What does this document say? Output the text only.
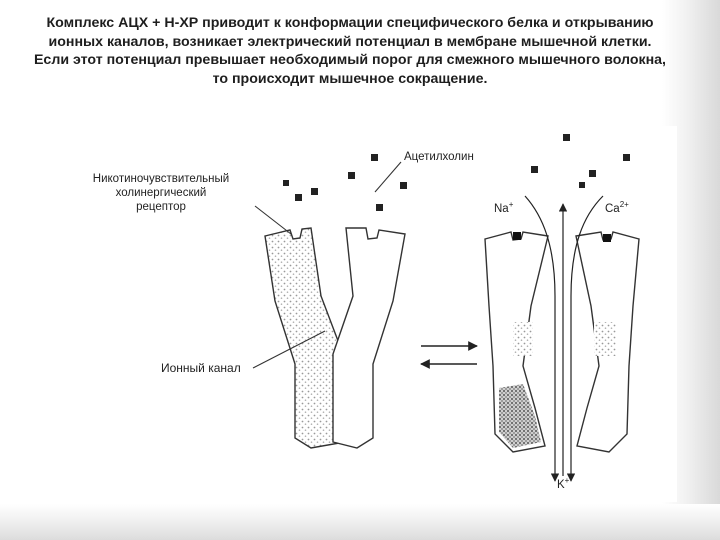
Комплекс АЦХ + Н-ХР приводит к конформации специфического белка и открыванию ионных каналов, возникает электрический потенциал в мембране мышечной клетки. Если этот потенциал превышает необходимый порог для смежного мышечного волокна, то происходит мышечное сокращение.

Никотиночувствительный
холинергический
рецептор
Ацетилхолин
Ионный канал
Na+	$Ca^{2+}$
K+
